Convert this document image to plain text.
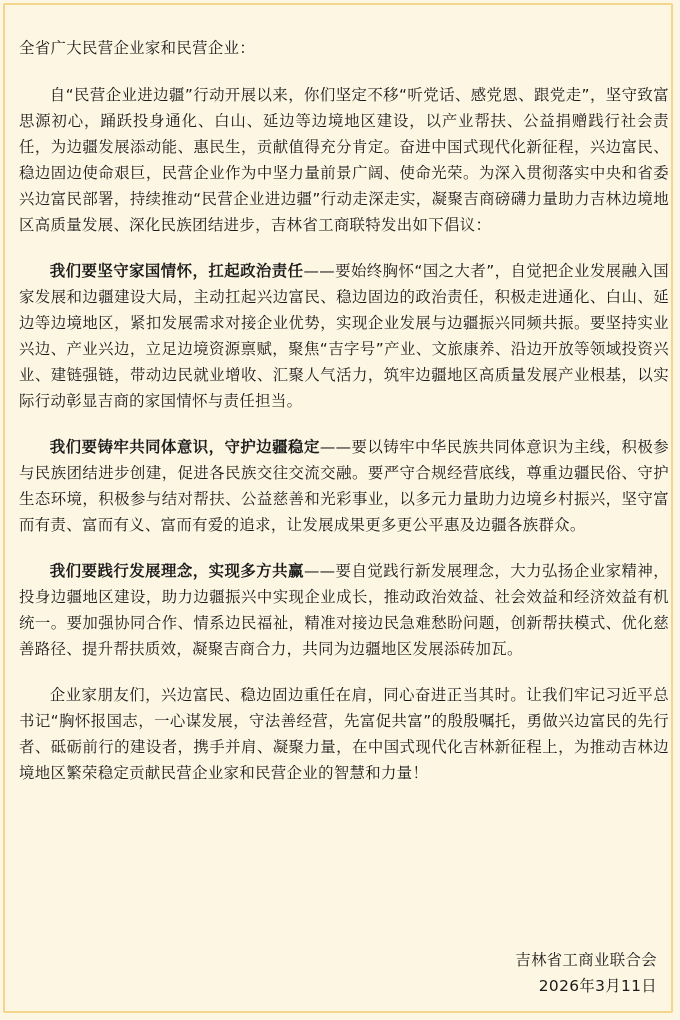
全省广大民营企业家和民营企业：

自“民营企业进边疆”行动开展以来，你们坚定不移“听党话、感党恩、跟党走”，坚守致富思源初心，踊跃投身通化、白山、延边等边境地区建设，以产业帮扶、公益捐赠践行社会责任，为边疆发展添动能、惠民生，贡献值得充分肯定。奋进中国式现代化新征程，兴边富民、稳边固边使命艰巨，民营企业作为中坚力量前景广阔、使命光荣。为深入贯彻落实中央和省委兴边富民部署，持续推动“民营企业进边疆”行动走深走实，凝聚吉商磅礴力量助力吉林边境地区高质量发展、深化民族团结进步，吉林省工商联特发出如下倡议：

我们要坚守家国情怀，扛起政治责任——要始终胸怀“国之大者”，自觉把企业发展融入国家发展和边疆建设大局，主动扛起兴边富民、稳边固边的政治责任，积极走进通化、白山、延边等边境地区，紧扣发展需求对接企业优势，实现企业发展与边疆振兴同频共振。要坚持实业兴边、产业兴边，立足边境资源禀赋，聚焦“吉字号”产业、文旅康养、沿边开放等领域投资兴业、建链强链，带动边民就业增收、汇聚人气活力，筑牢边疆地区高质量发展产业根基，以实际行动彰显吉商的家国情怀与责任担当。

我们要铸牢共同体意识，守护边疆稳定——要以铸牢中华民族共同体意识为主线，积极参与民族团结进步创建，促进各民族交往交流交融。要严守合规经营底线，尊重边疆民俗、守护生态环境，积极参与结对帮扶、公益慈善和光彩事业，以多元力量助力边境乡村振兴，坚守富而有责、富而有义、富而有爱的追求，让发展成果更多更公平惠及边疆各族群众。

我们要践行发展理念，实现多方共赢——要自觉践行新发展理念，大力弘扬企业家精神，投身边疆地区建设，助力边疆振兴中实现企业成长，推动政治效益、社会效益和经济效益有机统一。要加强协同合作、情系边民福祉，精准对接边民急难愁盼问题，创新帮扶模式、优化慈善路径、提升帮扶质效，凝聚吉商合力，共同为边疆地区发展添砖加瓦。

企业家朋友们，兴边富民、稳边固边重任在肩，同心奋进正当其时。让我们牢记习近平总书记“胸怀报国志，一心谋发展，守法善经营，先富促共富”的殷殷嘱托，勇做兴边富民的先行者、砥砺前行的建设者，携手并肩、凝聚力量，在中国式现代化吉林新征程上，为推动吉林边境地区繁荣稳定贡献民营企业家和民营企业的智慧和力量！

吉林省工商业联合会
2026年3月11日
